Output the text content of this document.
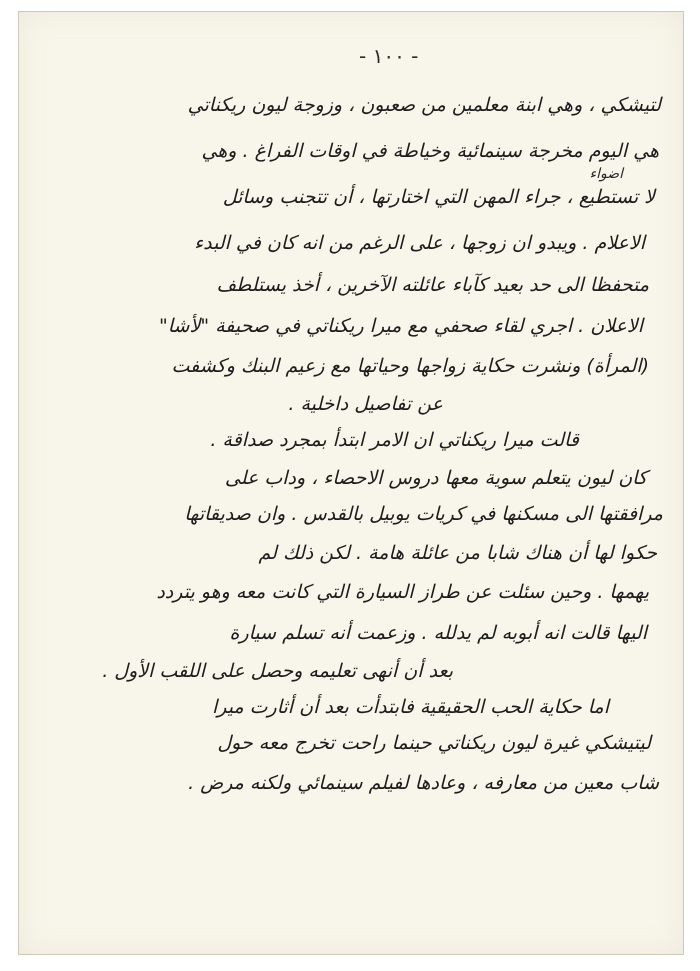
- ١٠٠ -
لتيشكي ، وهي ابنة معلمين من صعبون ، وزوجة ليون ريكناتي
هي اليوم مخرجة سينمائية وخياطة في اوقات الفراغ . وهي
اضواء
لا تستطيع ، جراء المهن التي اختارتها ، أن تتجنب وسائل
الاعلام . ويبدو ان زوجها ، على الرغم من انه كان في البدء
متحفظا الى حد بعيد كآباء عائلته الآخرين ، أخذ يستلطف
الاعلان . اجري لقاء صحفي مع ميرا ريكناتي في صحيفة "لأشا"
(المرأة) ونشرت حكاية زواجها وحياتها مع زعيم البنك وكشفت
عن تفاصيل داخلية .
قالت ميرا ريكناتي ان الامر ابتدأ بمجرد صداقة .
كان ليون يتعلم سوية معها دروس الاحصاء ، وداب على
مرافقتها الى مسكنها في كريات يوبيل بالقدس . وان صديقاتها
حكوا لها أن هناك شابا من عائلة هامة . لكن ذلك لم
يهمها . وحين سئلت عن طراز السيارة التي كانت معه وهو يتردد
اليها قالت انه أبوبه لم يدلله . وزعمت أنه تسلم سيارة
بعد أن أنهى تعليمه وحصل على اللقب الأول .
اما حكاية الحب الحقيقية فابتدأت بعد أن أثارت ميرا
ليتيشكي غيرة ليون ريكناتي حينما راحت تخرج معه حول
شاب معين من معارفه ، وعادها لفيلم سينمائي ولكنه مرض .
